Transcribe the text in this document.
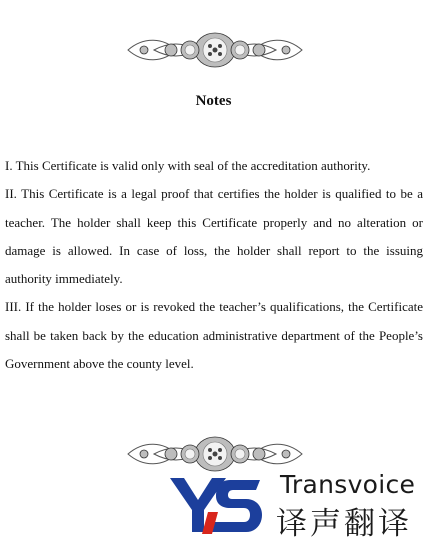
Notes

I. This Certificate is valid only with seal of the accreditation authority.

II. This Certificate is a legal proof that certifies the holder is qualified to be a teacher. The holder shall keep this Certificate properly and no alteration or damage is allowed. In case of loss, the holder shall report to the issuing authority immediately.

III. If the holder loses or is revoked the teacher’s qualifications, the Certificate shall be taken back by the education administrative department of the People’s Government above the county level.

Transvoice
译声翻译
